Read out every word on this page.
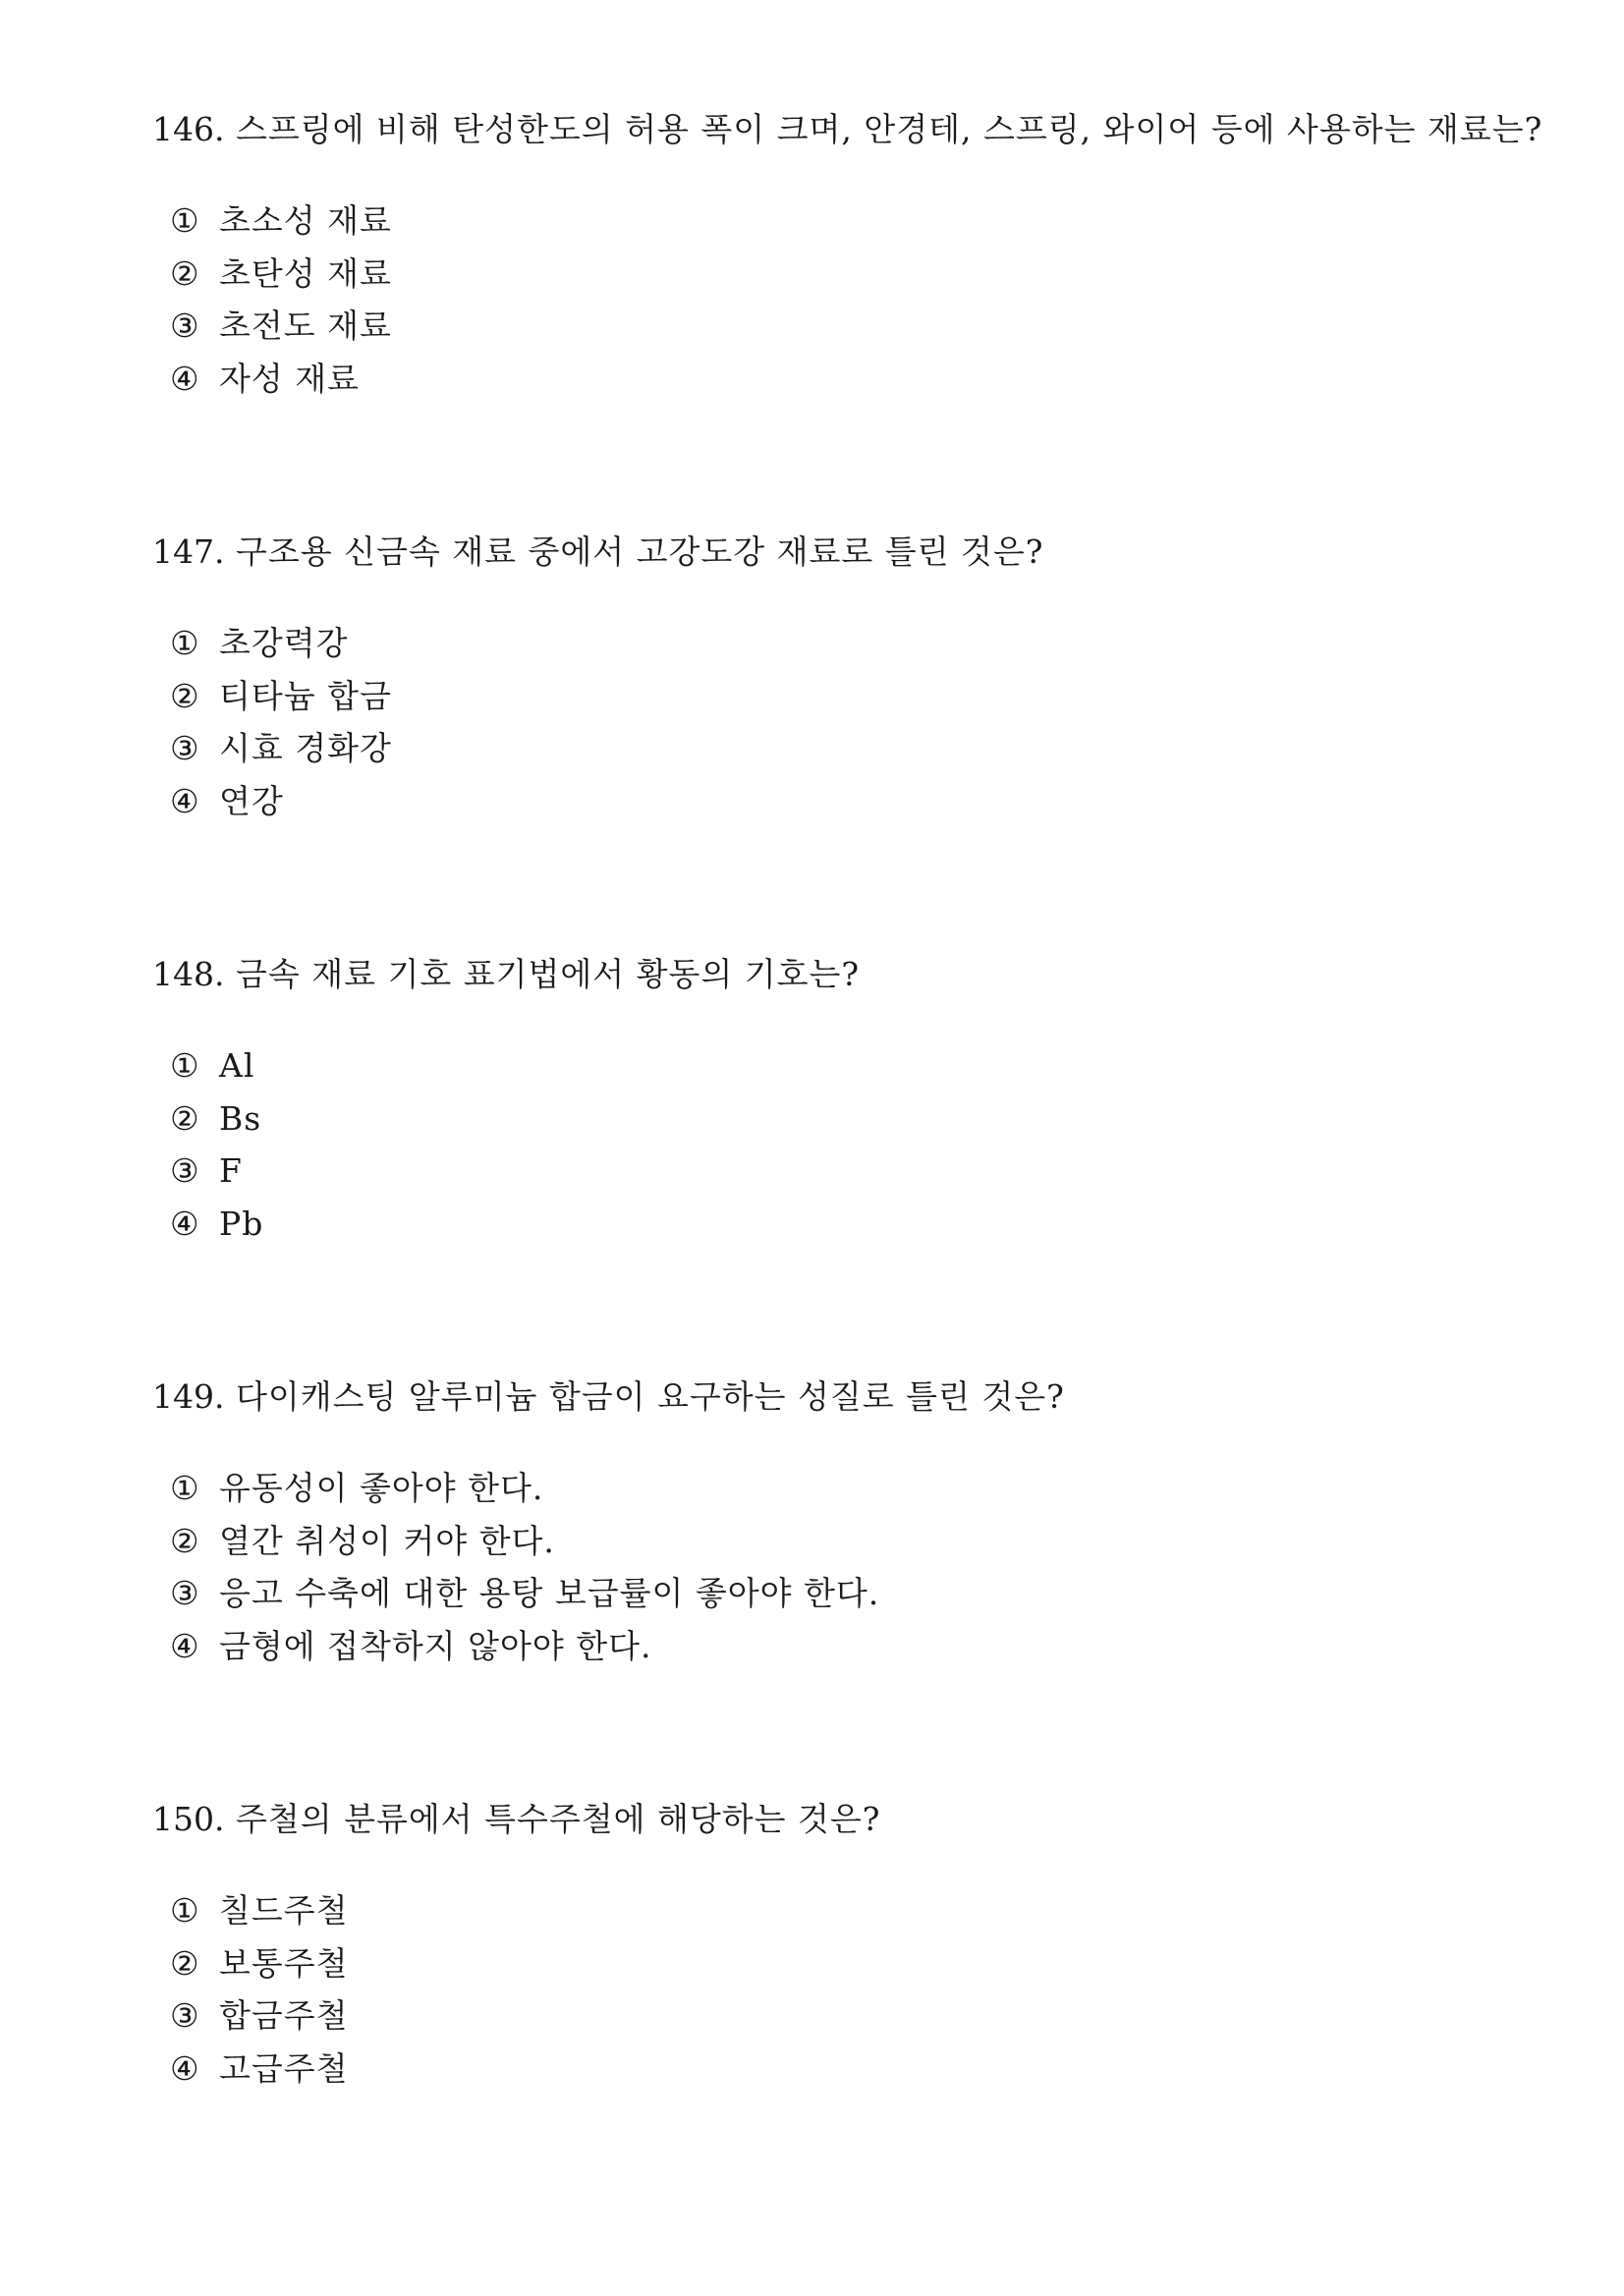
146. 스프링에 비해 탄성한도의 허용 폭이 크며, 안경테, 스프링, 와이어 등에 사용하는 재료는?

① 초소성 재료
② 초탄성 재료
③ 초전도 재료
④ 자성 재료

147. 구조용 신금속 재료 중에서 고강도강 재료로 틀린 것은?

① 초강력강
② 티타늄 합금
③ 시효 경화강
④ 연강

148. 금속 재료 기호 표기법에서 황동의 기호는?

① Al
② Bs
③ F
④ Pb

149. 다이캐스팅 알루미늄 합금이 요구하는 성질로 틀린 것은?

① 유동성이 좋아야 한다.
② 열간 취성이 커야 한다.
③ 응고 수축에 대한 용탕 보급률이 좋아야 한다.
④ 금형에 접착하지 않아야 한다.

150. 주철의 분류에서 특수주철에 해당하는 것은?

① 칠드주철
② 보통주철
③ 합금주철
④ 고급주철
